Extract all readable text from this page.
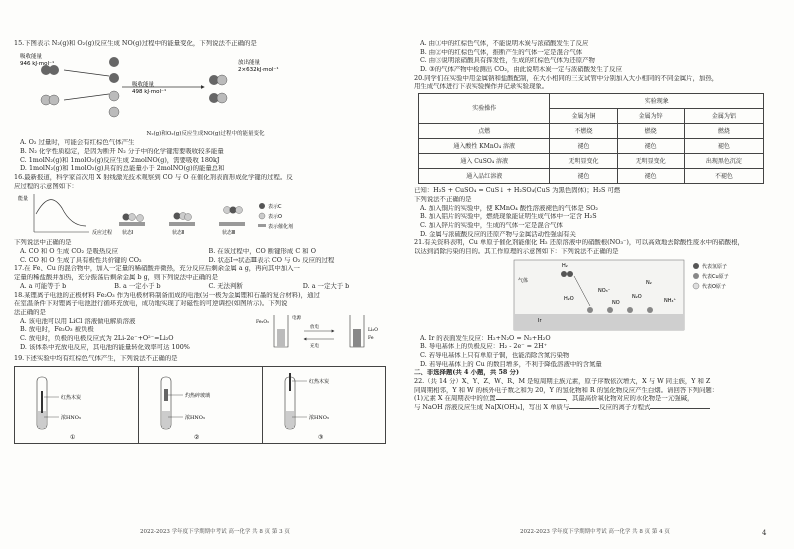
15.下图表示 N₂(g)和 O₂(g)反应生成 NO(g)过程中的能量变化，下列说法不正确的是
吸收能量
946 kJ·mol⁻¹
吸收能量
498 kJ·mol⁻¹
放出能量
2×632kJ·mol⁻¹
N₂(g)和O₂(g)反应生成NO(g)过程中的能量变化
A. O₂ 过量时，可能会有红棕色气体产生
B. N₂ 化学性质稳定，是因为断开 N₂ 分子中的化学键需要吸收较多能量
C. 1molN₂(g)和 1molO₂(g)反应生成 2molNO(g)，需要吸收 180kJ
D. 1molN₂(g)和 1molO₂(g)具有的总能量小于 2molNO(g)的能量总和
16.最新报道，科学家首次用 X 射线激光技术观察到 CO 与 O 在催化剂表面形成化学键的过程。反
应过程的示意图如下：
能量
反应过程 状态Ⅰ	状态Ⅱ	状态Ⅲ
表示C
表示O
表示催化剂
下列说法中正确的是
A. CO 和 O 生成 CO₂ 是吸热反应	B. 在该过程中，CO 断键形成 C 和 O
C. CO 和 O 生成了具有极性共价键的 CO₂	D. 状态Ⅰ→状态Ⅲ表示 CO 与 O₂ 反应的过程
17.在 Fe、Cu 的混合物中，加入一定量的稀硝酸并微热，充分反应后剩余金属 a g，再向其中加入一
定量的稀盐酸并加热，充分振荡后剩余金属 b g，则下列说法中正确的是
A. a 可能等于 b	B. a 一定小于 b	C. 无法判断	D. a 一定大于 b
18.某锂离子电池的正极材料 Fe₂O₃ 作为电极材料制备而成的电池(另一极为金属锂和石墨的复合材料)，通过
在室温条件下对锂离子电池进行循环充放电，成功地实现了对磁性的可逆调控(如图所示)。下列说
法正确的是
A. 该电池可以用 LiCl 溶液做电解质溶液
B. 放电时，Fe₂O₃ 被负极
C. 放电时，负极的电极反应式为 2Li-2e⁻+O²⁻=Li₂O
D. 该体系中充放电反应，其电池的能量转化效率可达 100%
Fe₂O₃
电源
放电
充电
Li₂O
Fe
19.下述实验中均有红棕色气体产生，下列说法不正确的是
红热木炭
浓HNO₃
①
灼热碎玻璃
浓HNO₃
②
红热木炭
浓HNO₃
③
2022-2023 学年度下学期期中考试 高一化学 共 8 页 第 3 页
A. 由①中的红棕色气体，不能说明木炭与浓硝酸发生了反应
B. 由②中的红棕色气体，推断产生的气体一定是混合气体
C. 由③说明浓硝酸具有挥发性，生成的红棕色气体为还原产物
D. ③的气体产物中检测出 CO₂，由此说明木炭一定与浓硝酸发生了反应
20.同学们在实验中用金属钠和盐酸配制，在大小相同的三支试管中分别加入大小相同的不同金属片，加热，
用生成气体进行下表实验操作并记录实验现象。
实验操作	实验现象		
	金属为铜	金属为锌	金属为铝
点燃	不燃烧	燃烧	燃烧
通入酸性 KMnO₄ 溶液	褪色	褪色	褪色
通入 CuSO₄ 溶液	无明显变化	无明显变化	出现黑色沉淀
通入品红溶液	褪色	褪色	不褪色
已知：H₂S + CuSO₄ = CuS↓ + H₂SO₄(CuS 为黑色固体)；H₂S 可燃
下列说法不正确的是
A. 加入铜片的实验中，使 KMnO₄ 酸性溶液褪色的气体是 SO₂
B. 加入铝片的实验中，燃烧现象能证明生成气体中一定含 H₂S
C. 加入锌片的实验中，生成的气体一定是混合气体
D. 金属与浓硫酸反应的还原产物与金属活动性强弱有关
21.有关资料表明，Cu 单原子催化剂能催化 H₂ 还原溶液中的硝酸根(NO₃⁻)，可以高效地去除酸性废水中的硝酸根，
以达到消除污染的目的。其工作原理的示意图如下：下列说法不正确的是
H₂
气体
NO₃⁻
NO
N₂O
N₂
NH₄⁺
Ir
H₂O
代表氢原子
代表Cu原子
代表O原子
A. Ir 的表面发生反应：H₂+N₂O = N₂+H₂O
B. 导电基体上的负极反应：H₂ - 2e⁻ = 2H⁺
C. 若导电基体上只有单原子铜，也能消除含氮污染物
D. 若导电基体上的 Cu 的数目增多，不利于降低溶液中的含氮量
二、非选择题(共 4 小题，共 58 分)
22.（共 14 分）X、Y、Z、W、R、M 是短周期主族元素，原子序数依次增大，X 与 W 同主族，Y 和 Z
同周期相邻，Y 和 W 的核外电子数之和为 20，Y 的氢化物和 R 的氢化物反应产生白烟。请回答下列问题：
(1)元素 X 在周期表中的位置	，其最高价氧化物对应的水化物是一元强碱，
与 NaOH 溶液反应生成 Na[X(OH)₄]，写出 X 单质与	反应的离子方程式
2022-2023 学年度下学期期中考试 高一化学 共 8 页 第 4 页	4
